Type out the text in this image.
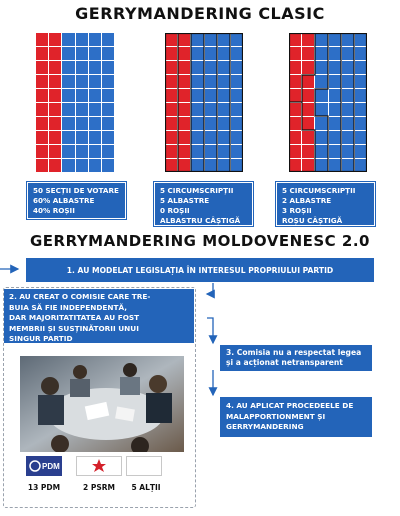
GERRYMANDERING CLASIC
GERRYMANDERING MOLDOVENESC 2.0
50 SECȚII DE VOTARE
60% ALBASTRE
40% ROȘII
5 CIRCUMSCRIPȚII
5 ALBASTRE
0 ROȘII
ALBASTRU CÂȘTIGĂ
5 CIRCUMSCRIPȚII
2 ALBASTRE
3 ROȘII
ROȘU CÂȘTIGĂ
1. AU MODELAT LEGISLAȚIA ÎN INTERESUL PROPRIULUI PARTID
2. AU CREAT O COMISIE CARE TRE-
BUIA SĂ FIE INDEPENDENTĂ,
DAR MAJORITATITATEA AU FOST
MEMBRII ȘI SUSȚINĂTORII UNUI
SINGUR PARTID
PDM
13 PDM	2 PSRM	5 ALȚII
3. Comisia nu a respectat legea
și a acționat netransparent
4. AU APLICAT PROCEDEELE DE
MALAPPORTIONMENT ȘI
GERRYMANDERING
